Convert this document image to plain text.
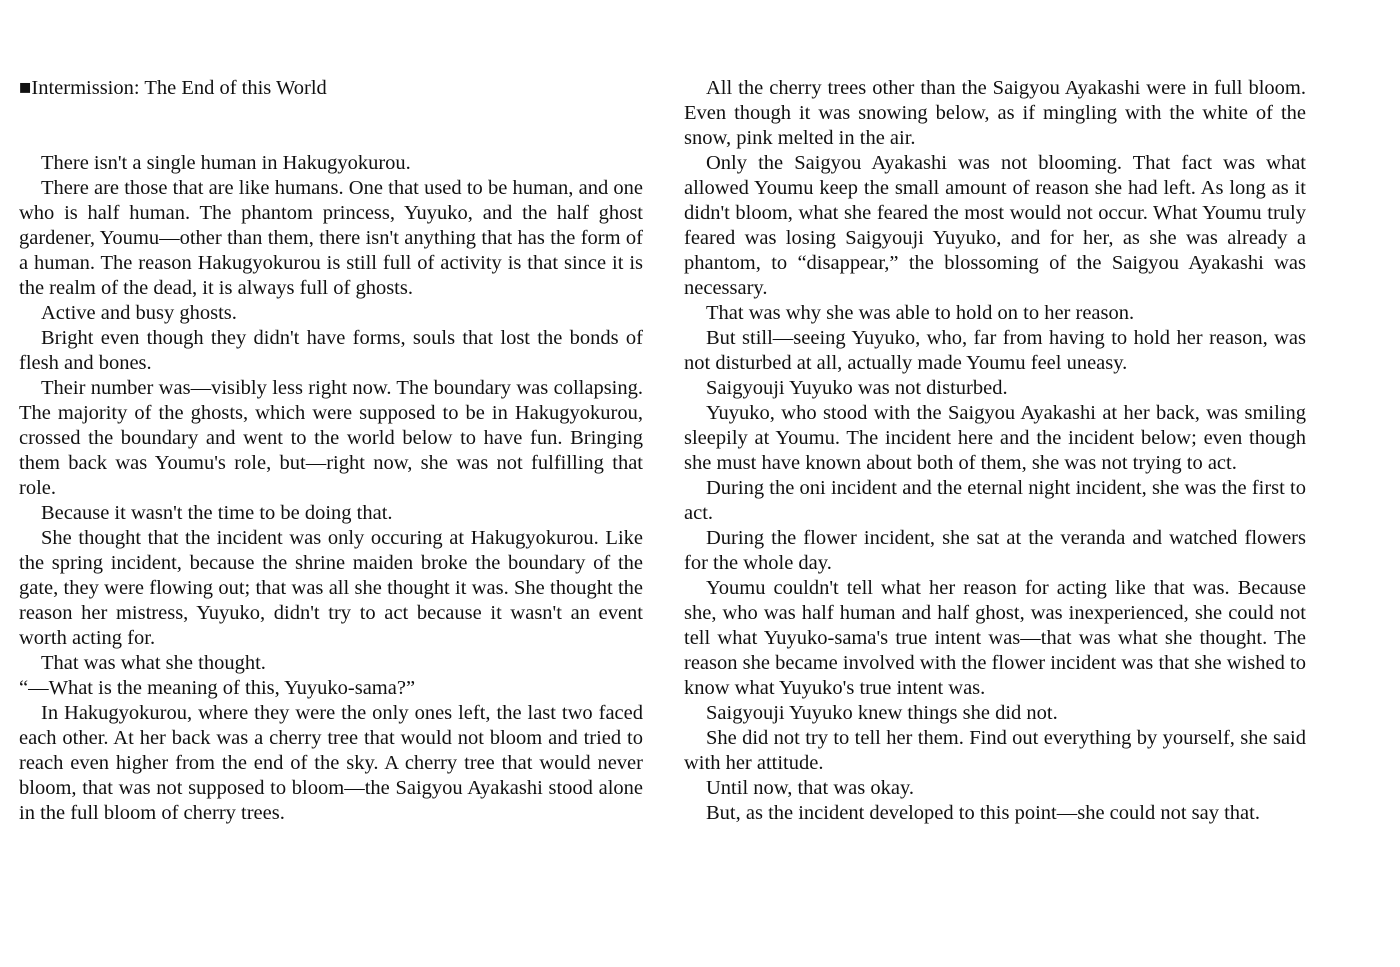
■Intermission: The End of this World

There isn't a single human in Hakugyokurou.

There are those that are like humans. One that used to be human, and one who is half human. The phantom princess, Yuyuko, and the half ghost gardener, Youmu—other than them, there isn't anything that has the form of a human. The reason Hakugyokurou is still full of activity is that since it is the realm of the dead, it is always full of ghosts.

Active and busy ghosts.

Bright even though they didn't have forms, souls that lost the bonds of flesh and bones.

Their number was—visibly less right now. The boundary was collapsing. The majority of the ghosts, which were supposed to be in Hakugyokurou, crossed the boundary and went to the world below to have fun. Bringing them back was Youmu's role, but—right now, she was not fulfilling that role.

Because it wasn't the time to be doing that.

She thought that the incident was only occuring at Hakugyokurou. Like the spring incident, because the shrine maiden broke the boundary of the gate, they were flowing out; that was all she thought it was. She thought the reason her mistress, Yuyuko, didn't try to act because it wasn't an event worth acting for.

That was what she thought.

“—What is the meaning of this, Yuyuko-sama?”

In Hakugyokurou, where they were the only ones left, the last two faced each other. At her back was a cherry tree that would not bloom and tried to reach even higher from the end of the sky. A cherry tree that would never bloom, that was not supposed to bloom—the Saigyou Ayakashi stood alone in the full bloom of cherry trees.

All the cherry trees other than the Saigyou Ayakashi were in full bloom. Even though it was snowing below, as if mingling with the white of the snow, pink melted in the air.

Only the Saigyou Ayakashi was not blooming. That fact was what allowed Youmu keep the small amount of reason she had left. As long as it didn't bloom, what she feared the most would not occur. What Youmu truly feared was losing Saigyouji Yuyuko, and for her, as she was already a phantom, to “disappear,” the blossoming of the Saigyou Ayakashi was necessary.

That was why she was able to hold on to her reason.

But still—seeing Yuyuko, who, far from having to hold her reason, was not disturbed at all, actually made Youmu feel uneasy.

Saigyouji Yuyuko was not disturbed.

Yuyuko, who stood with the Saigyou Ayakashi at her back, was smiling sleepily at Youmu. The incident here and the incident below; even though she must have known about both of them, she was not trying to act.

During the oni incident and the eternal night incident, she was the first to act.

During the flower incident, she sat at the veranda and watched flowers for the whole day.

Youmu couldn't tell what her reason for acting like that was. Because she, who was half human and half ghost, was inexperienced, she could not tell what Yuyuko-sama's true intent was—that was what she thought. The reason she became involved with the flower incident was that she wished to know what Yuyuko's true intent was.

Saigyouji Yuyuko knew things she did not.

She did not try to tell her them. Find out everything by yourself, she said with her attitude.

Until now, that was okay.

But, as the incident developed to this point—she could not say that.
